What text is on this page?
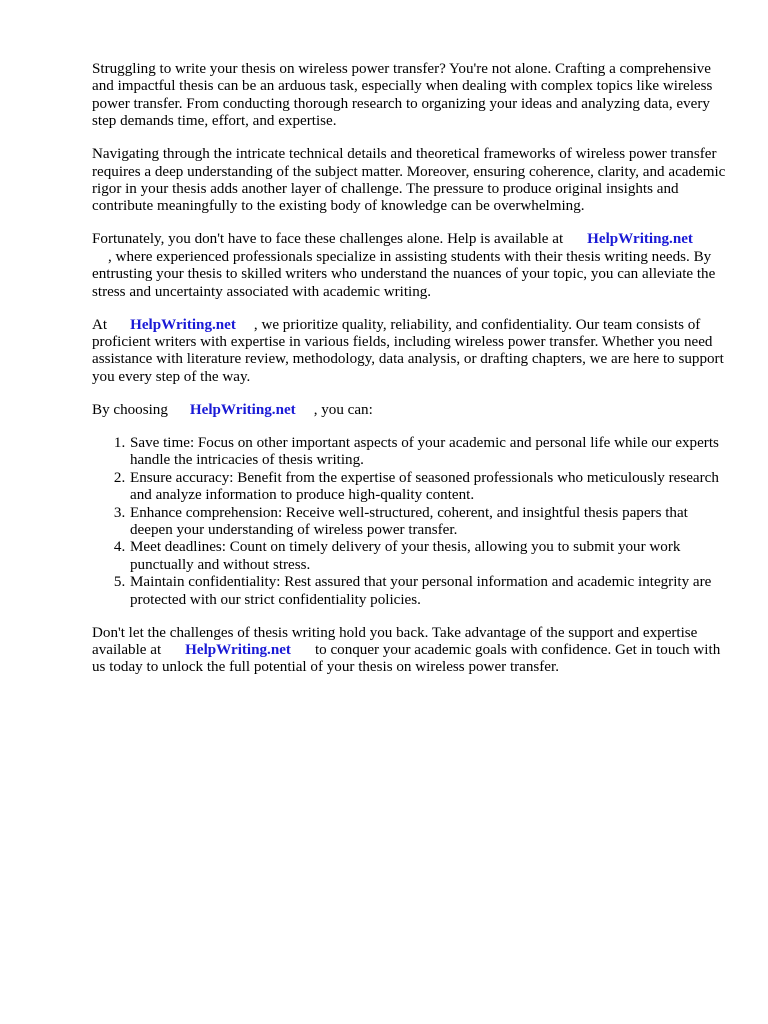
Struggling to write your thesis on wireless power transfer? You're not alone. Crafting a comprehensive and impactful thesis can be an arduous task, especially when dealing with complex topics like wireless power transfer. From conducting thorough research to organizing your ideas and analyzing data, every step demands time, effort, and expertise.

Navigating through the intricate technical details and theoretical frameworks of wireless power transfer requires a deep understanding of the subject matter. Moreover, ensuring coherence, clarity, and academic rigor in your thesis adds another layer of challenge. The pressure to produce original insights and contribute meaningfully to the existing body of knowledge can be overwhelming.

Fortunately, you don't have to face these challenges alone. Help is available at HelpWriting.net
, where experienced professionals specialize in assisting students with their thesis writing needs. By entrusting your thesis to skilled writers who understand the nuances of your topic, you can alleviate the stress and uncertainty associated with academic writing.

At HelpWriting.net , we prioritize quality, reliability, and confidentiality. Our team consists of proficient writers with expertise in various fields, including wireless power transfer. Whether you need assistance with literature review, methodology, data analysis, or drafting chapters, we are here to support you every step of the way.

By choosing HelpWriting.net , you can:

1. Save time: Focus on other important aspects of your academic and personal life while our experts handle the intricacies of thesis writing.
2. Ensure accuracy: Benefit from the expertise of seasoned professionals who meticulously research and analyze information to produce high-quality content.
3. Enhance comprehension: Receive well-structured, coherent, and insightful thesis papers that deepen your understanding of wireless power transfer.
4. Meet deadlines: Count on timely delivery of your thesis, allowing you to submit your work punctually and without stress.
5. Maintain confidentiality: Rest assured that your personal information and academic integrity are protected with our strict confidentiality policies.

Don't let the challenges of thesis writing hold you back. Take advantage of the support and expertise available at HelpWriting.net to conquer your academic goals with confidence. Get in touch with us today to unlock the full potential of your thesis on wireless power transfer.
